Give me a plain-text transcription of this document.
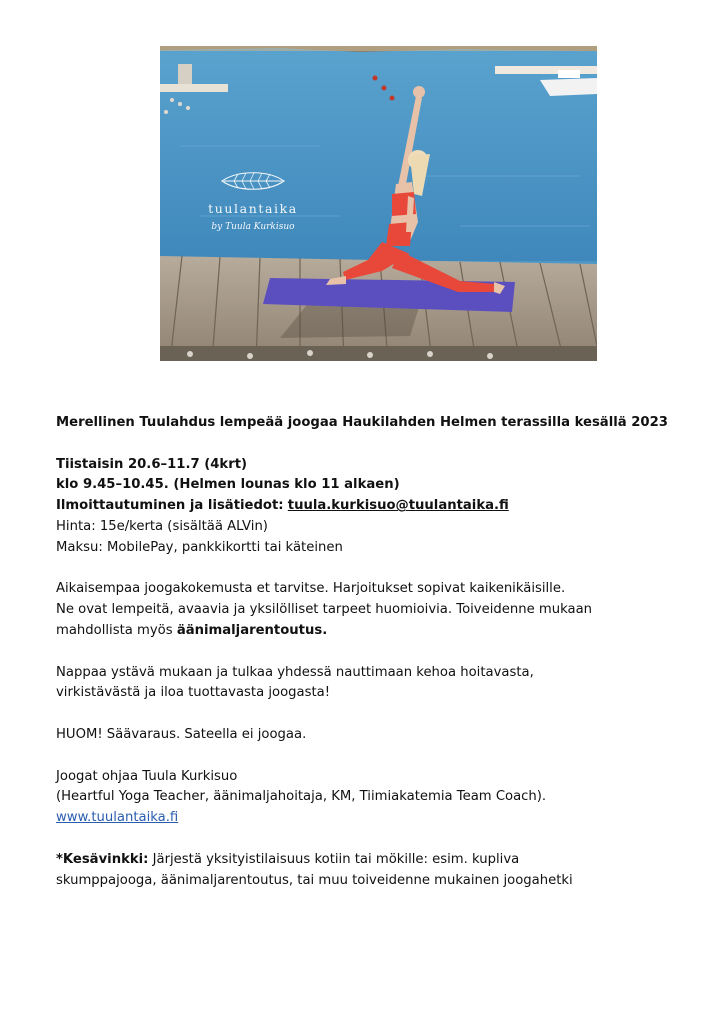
tuulantaika
by Tuula Kurkisuo
Merellinen Tuulahdus lempeää joogaa Haukilahden Helmen terassilla kesällä 2023
Tiistaisin 20.6–11.7 (4krt)
klo 9.45–10.45. (Helmen lounas klo 11 alkaen)
Ilmoittautuminen ja lisätiedot: tuula.kurkisuo@tuulantaika.fi
Hinta: 15e/kerta (sisältää ALVin)
Maksu: MobilePay, pankkikortti tai käteinen
Aikaisempaa joogakokemusta et tarvitse. Harjoitukset sopivat kaikenikäisille.
Ne ovat lempeitä, avaavia ja yksilölliset tarpeet huomioivia. Toiveidenne mukaan
mahdollista myös äänimaljarentoutus.
Nappaa ystävä mukaan ja tulkaa yhdessä nauttimaan kehoa hoitavasta,
virkistävästä ja iloa tuottavasta joogasta!
HUOM! Säävaraus. Sateella ei joogaa.
Joogat ohjaa Tuula Kurkisuo
(Heartful Yoga Teacher, äänimaljahoitaja, KM, Tiimiakatemia Team Coach).
www.tuulantaika.fi
*Kesävinkki: Järjestä yksityistilaisuus kotiin tai mökille: esim. kupliva
skumppajooga, äänimaljarentoutus, tai muu toiveidenne mukainen joogahetki
